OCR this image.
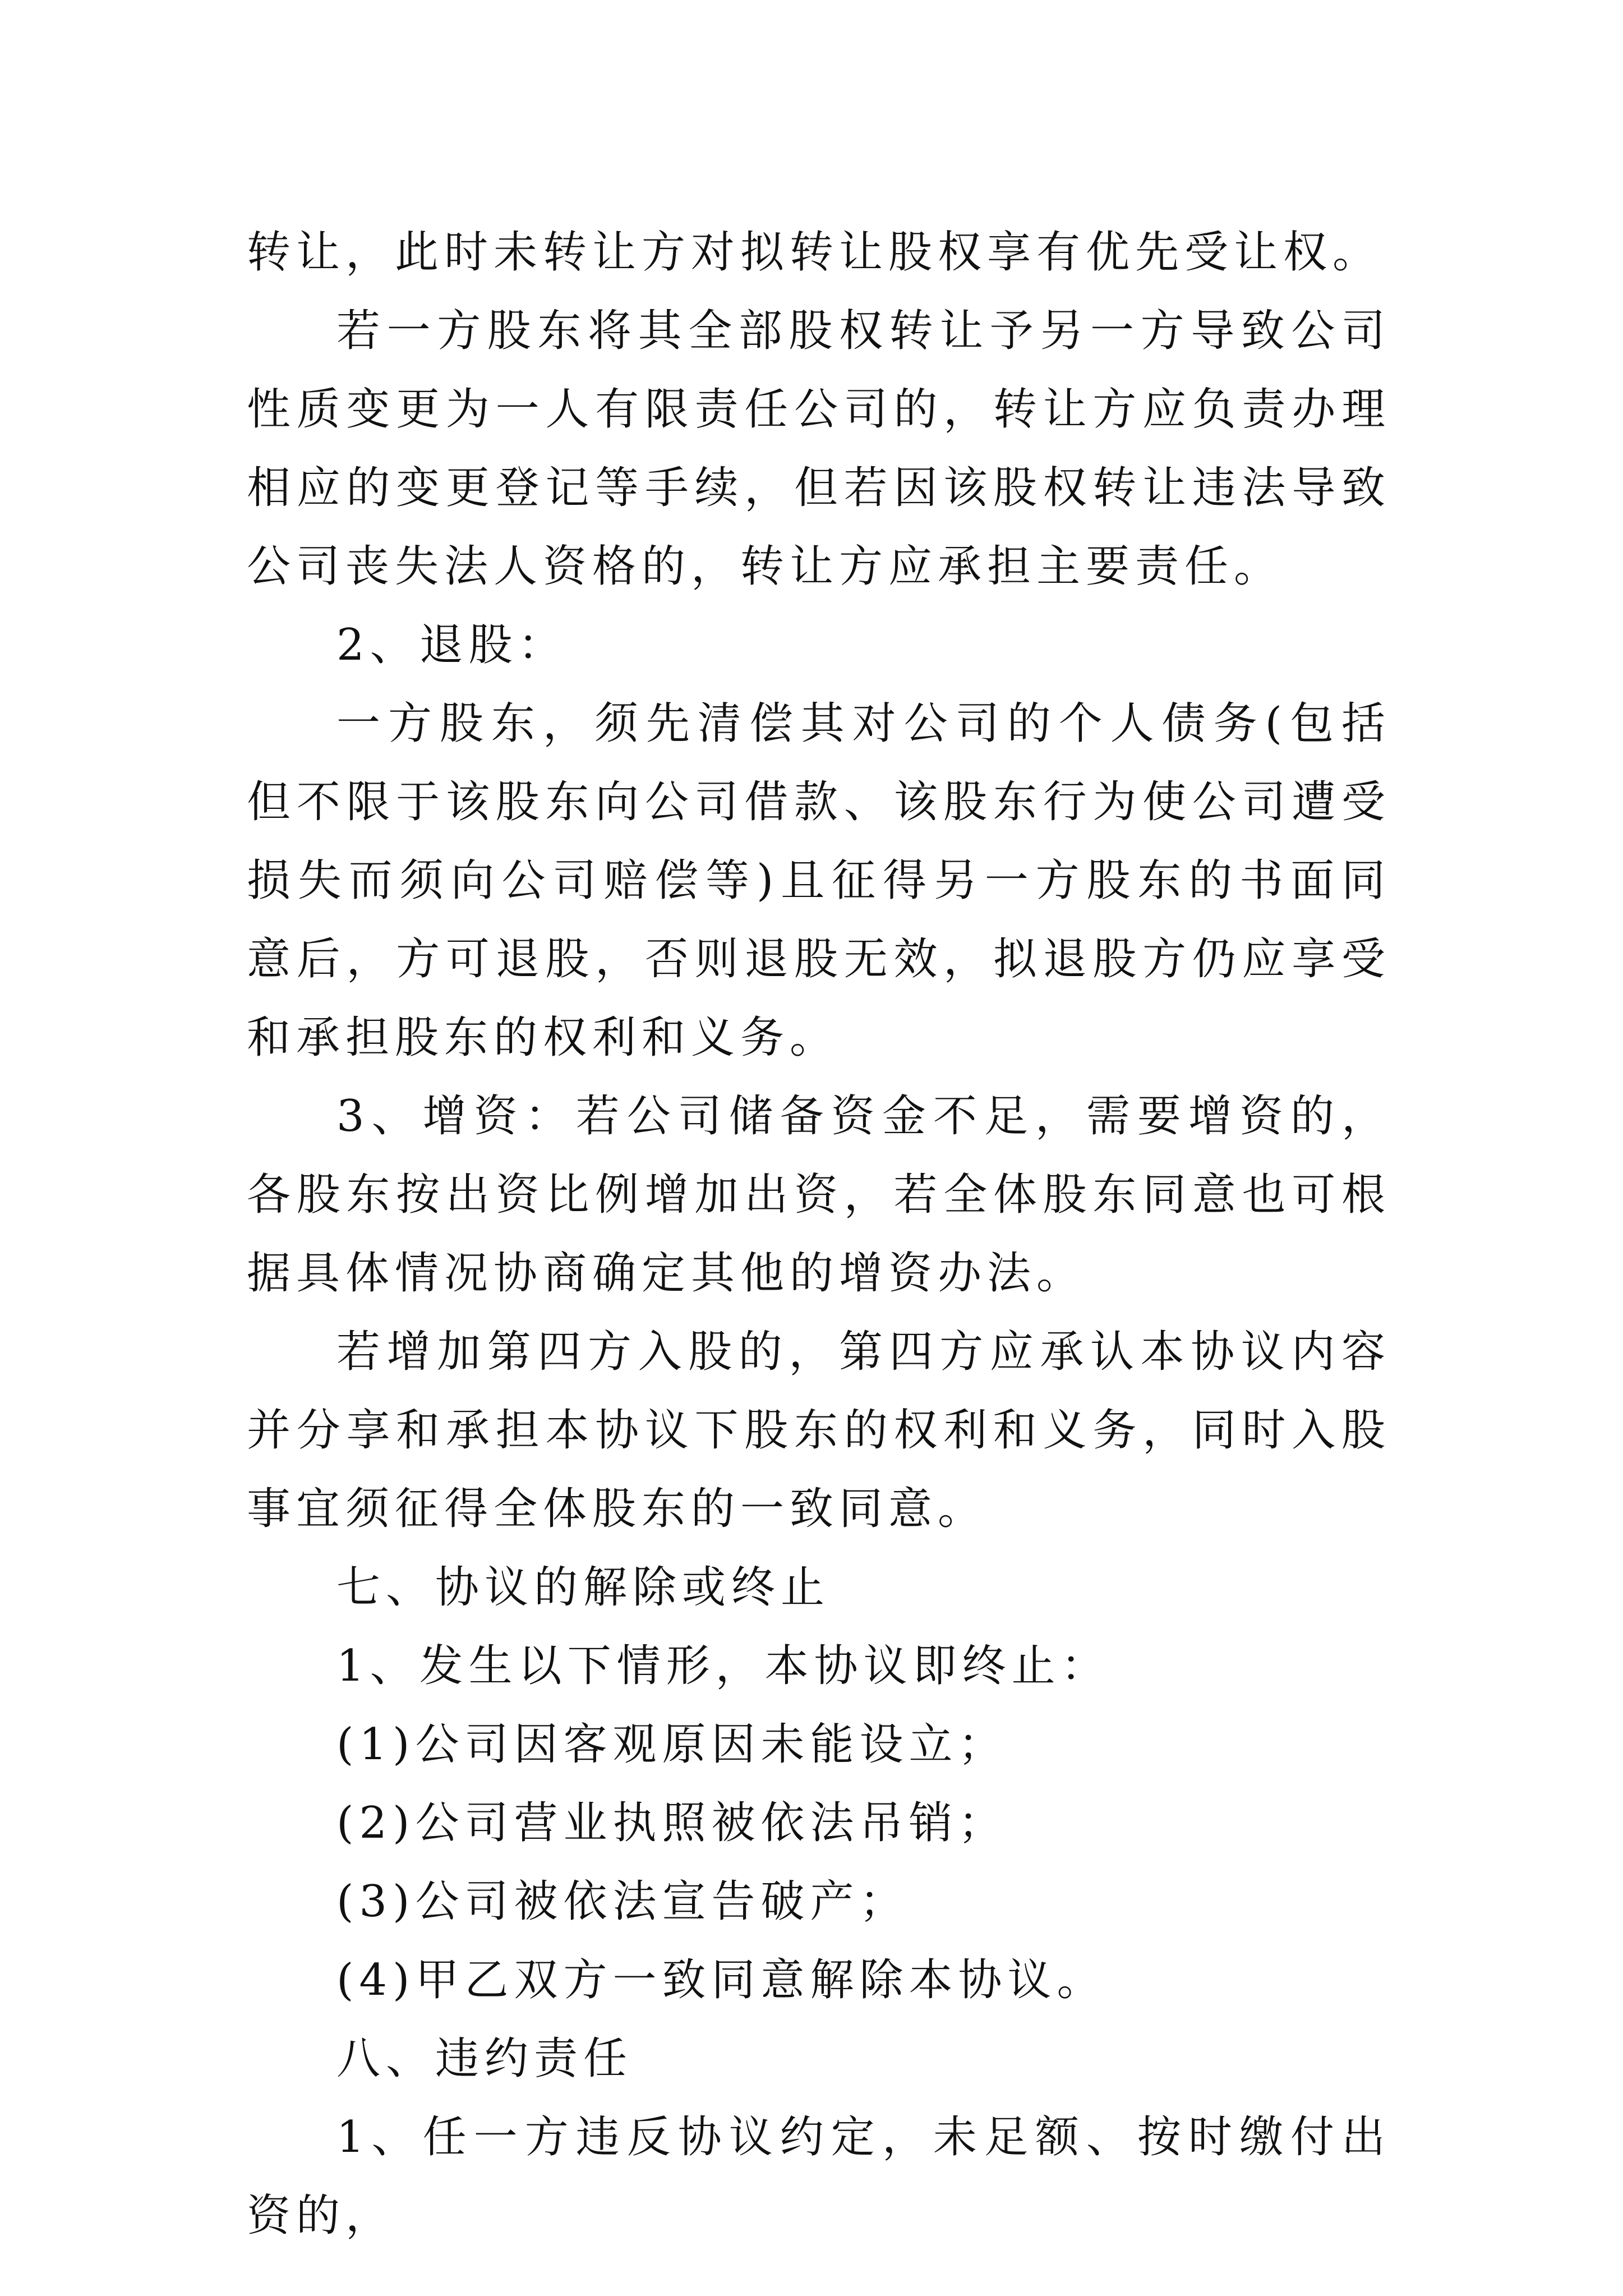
转让，此时未转让方对拟转让股权享有优先受让权。

若一方股东将其全部股权转让予另一方导致公司性质变更为一人有限责任公司的，转让方应负责办理相应的变更登记等手续，但若因该股权转让违法导致公司丧失法人资格的，转让方应承担主要责任。

2、退股：

一方股东，须先清偿其对公司的个人债务(包括但不限于该股东向公司借款、该股东行为使公司遭受损失而须向公司赔偿等)且征得另一方股东的书面同意后，方可退股，否则退股无效，拟退股方仍应享受和承担股东的权利和义务。

3、增资：若公司储备资金不足，需要增资的，各股东按出资比例增加出资，若全体股东同意也可根据具体情况协商确定其他的增资办法。

若增加第四方入股的，第四方应承认本协议内容并分享和承担本协议下股东的权利和义务，同时入股事宜须征得全体股东的一致同意。

七、协议的解除或终止

1、发生以下情形，本协议即终止：

(1)公司因客观原因未能设立；

(2)公司营业执照被依法吊销；

(3)公司被依法宣告破产；

(4)甲乙双方一致同意解除本协议。

八、违约责任

1、任一方违反协议约定，未足额、按时缴付出资的，
